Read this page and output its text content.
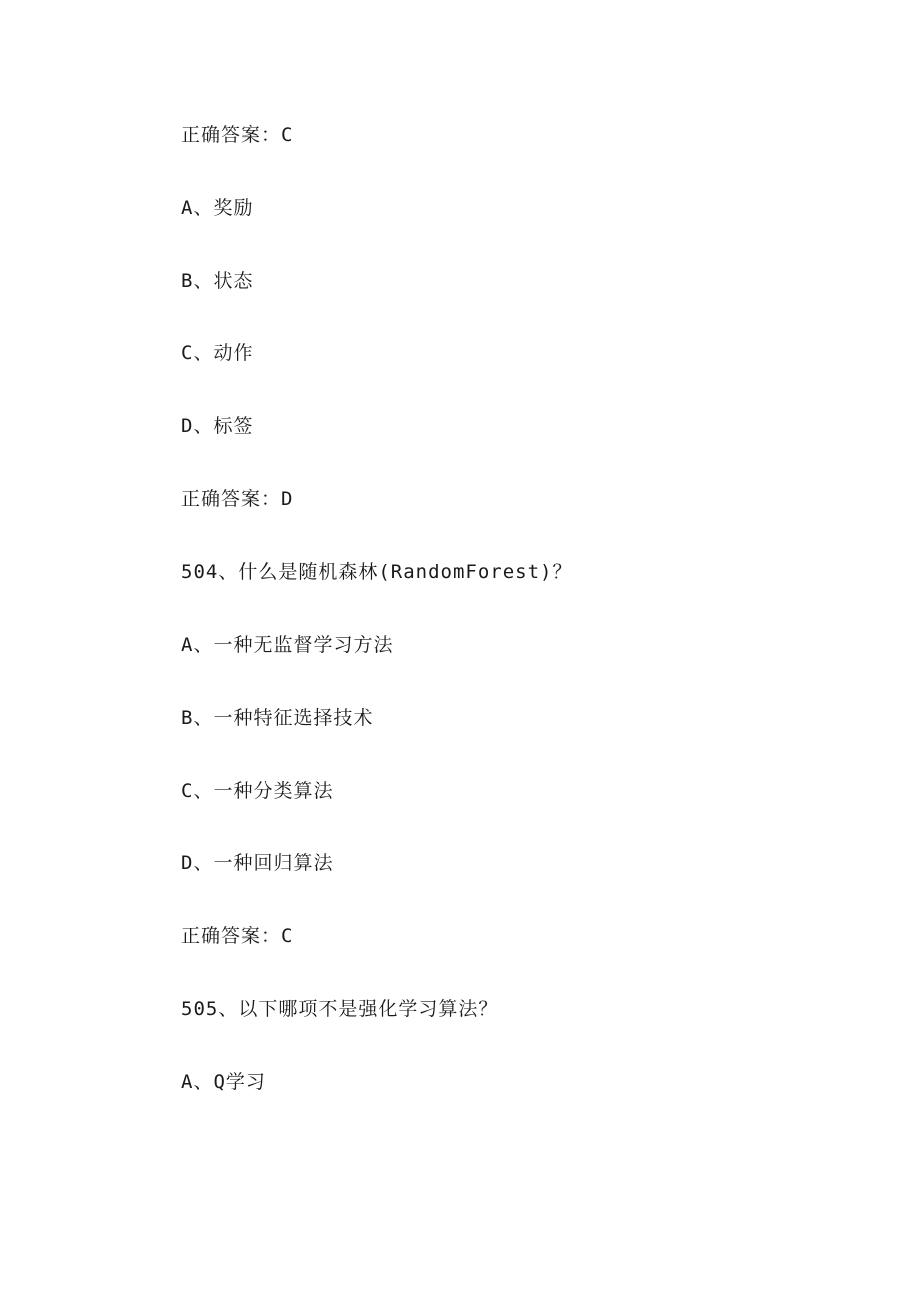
正确答案：C
A、奖励
B、状态
C、动作
D、标签
正确答案：D
504、什么是随机森林(RandomForest)？
A、一种无监督学习方法
B、一种特征选择技术
C、一种分类算法
D、一种回归算法
正确答案：C
505、以下哪项不是强化学习算法？
A、Q学习
